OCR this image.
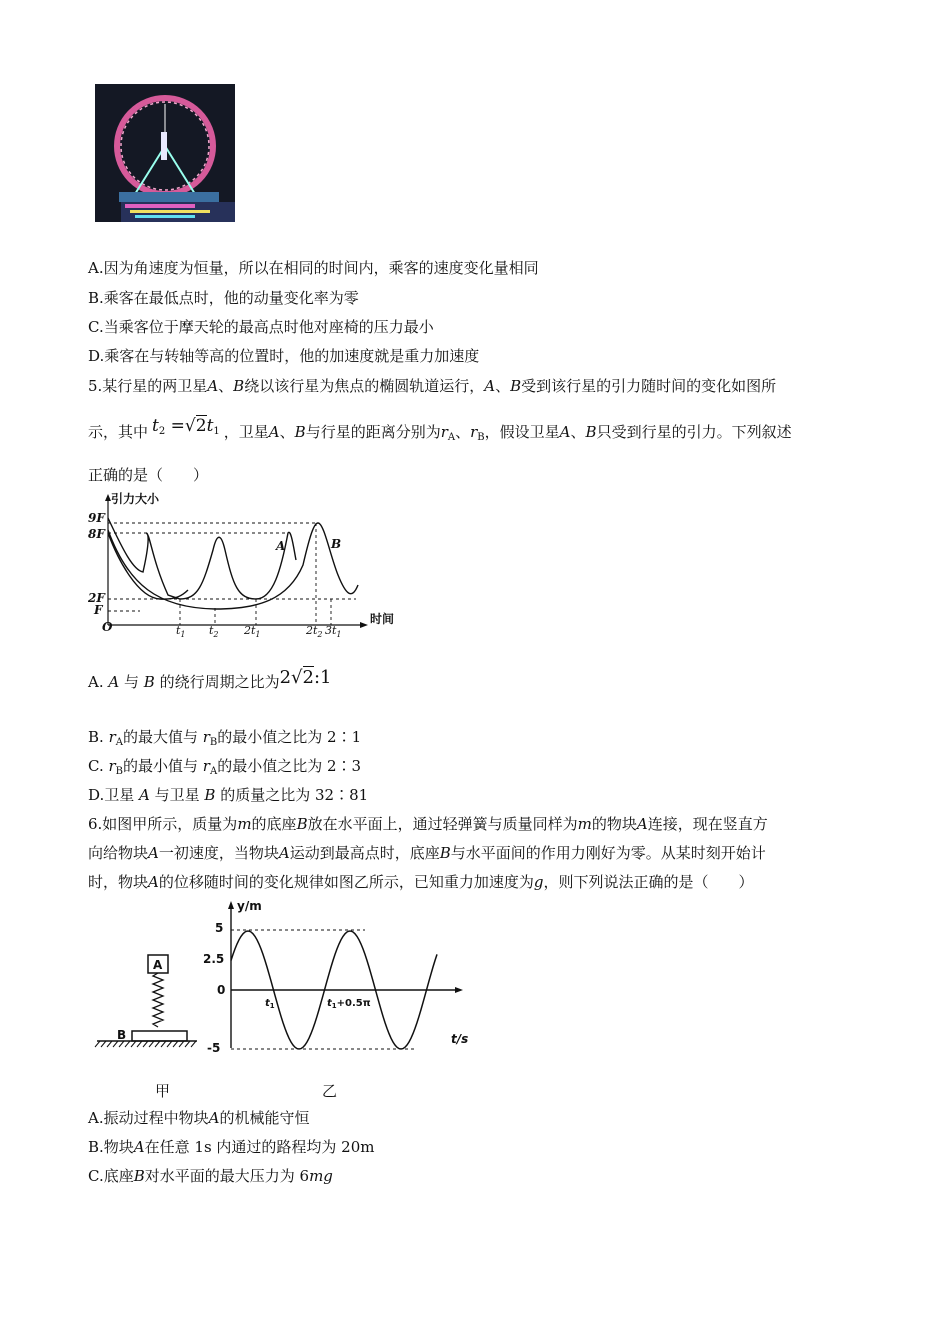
A.因为角速度为恒量，所以在相同的时间内，乘客的速度变化量相同
B.乘客在最低点时，他的动量变化率为零
C.当乘客位于摩天轮的最高点时他对座椅的压力最小
D.乘客在与转轴等高的位置时，他的加速度就是重力加速度
5.某行星的两卫星A、B绕以该行星为焦点的椭圆轨道运行，A、B受到该行星的引力随时间的变化如图所
示，其中 $t_2 =√2t_1$ ，卫星A、B与行星的距离分别为$r_A$、$r_B$，假设卫星A、B只受到行星的引力。下列叙述
正确的是（　　）
引力大小
时间
9F
8F
2F
F
O
A	B
$t_1$ $t_2$ $2t_1$	$2t_2$ $3t_1$
A. A 与 B 的绕行周期之比为2√2:1
B. $r_A$的最大值与 $r_B$的最小值之比为 2∶1
C. $r_B$的最小值与 $r_A$的最小值之比为 2∶3
D.卫星 A 与卫星 B 的质量之比为 32∶81
6.如图甲所示，质量为m的底座B放在水平面上，通过轻弹簧与质量同样为m的物块A连接，现在竖直方
向给物块A一初速度，当物块A运动到最高点时，底座B与水平面间的作用力刚好为零。从某时刻开始计
时，物块A的位移随时间的变化规律如图乙所示，已知重力加速度为g，则下列说法正确的是（　　）
A
B
y/m
t/s
5
2.5
0
-5
$t_1$	$t_1+0.5\pi$
甲	乙
A.振动过程中物块A的机械能守恒
B.物块A在任意 1s 内通过的路程均为 20m
C.底座B对水平面的最大压力为 6mg
